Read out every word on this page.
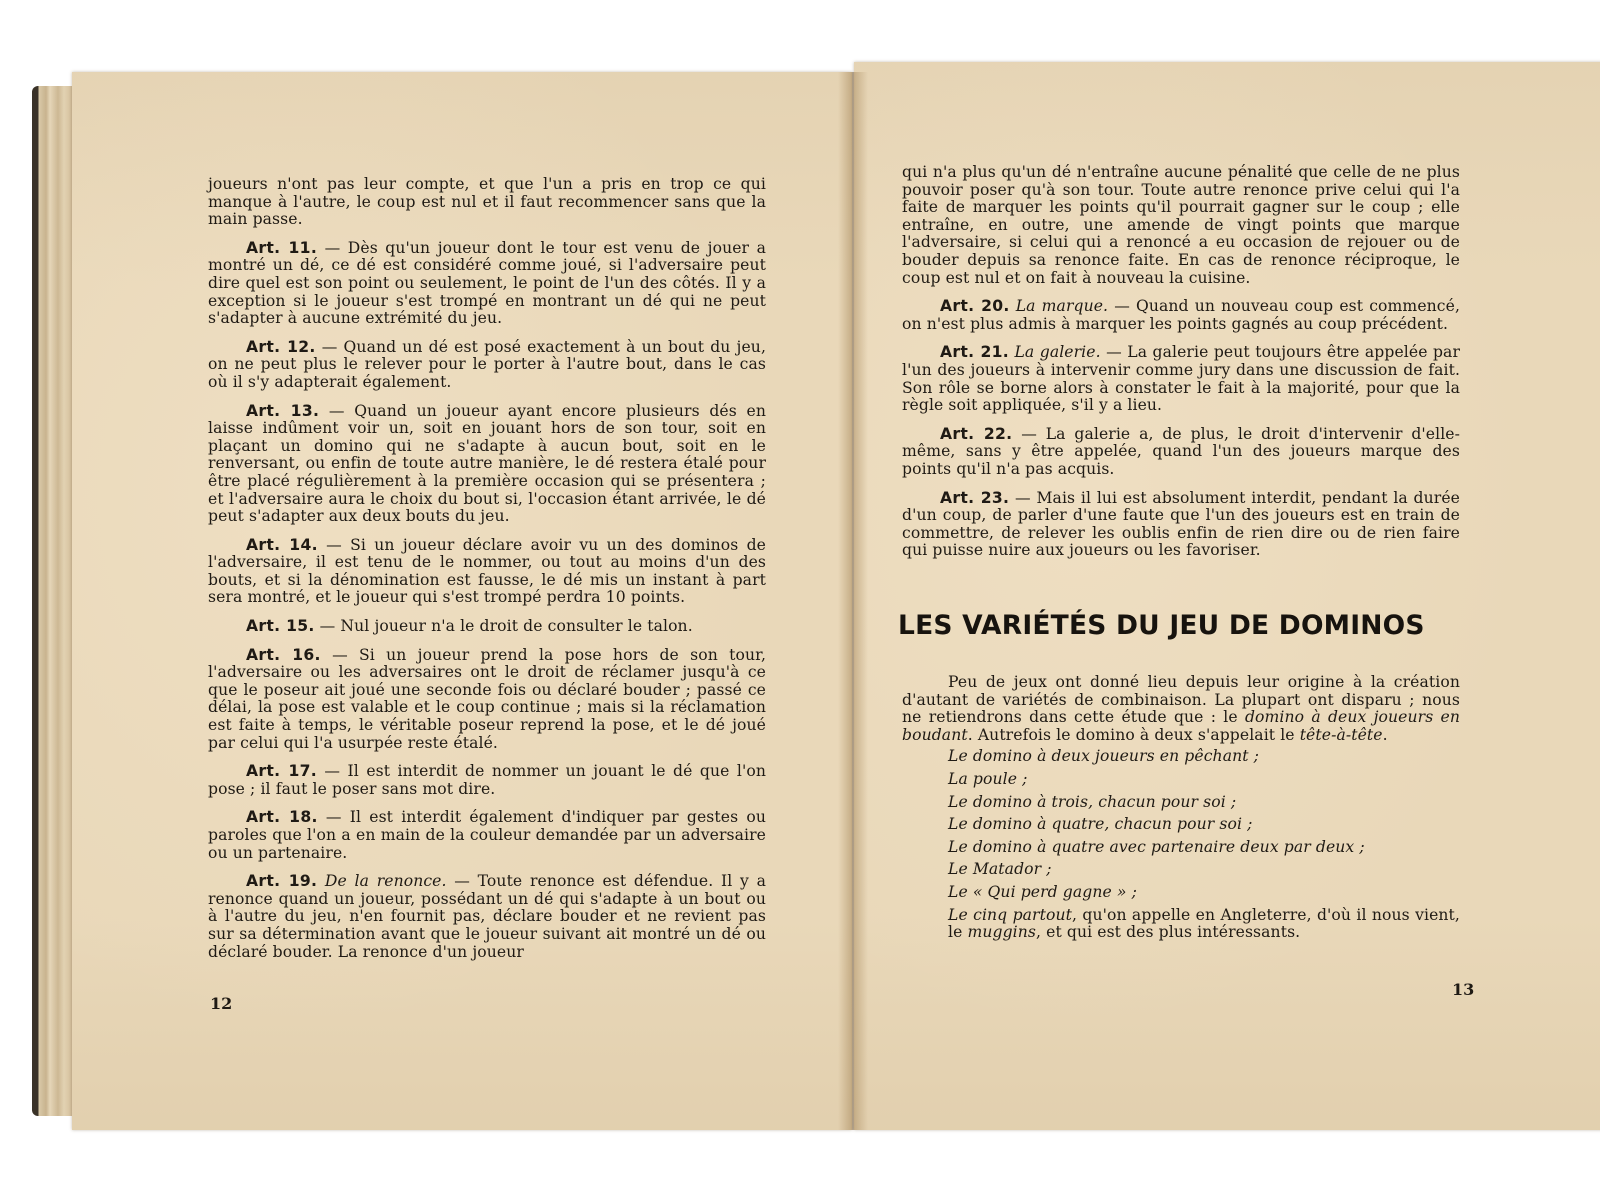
joueurs n'ont pas leur compte, et que l'un a pris en trop ce qui manque à l'autre, le coup est nul et il faut recommencer sans que la main passe.

Art. 11. — Dès qu'un joueur dont le tour est venu de jouer a montré un dé, ce dé est considéré comme joué, si l'adversaire peut dire quel est son point ou seulement, le point de l'un des côtés. Il y a exception si le joueur s'est trompé en montrant un dé qui ne peut s'adapter à aucune extrémité du jeu.

Art. 12. — Quand un dé est posé exactement à un bout du jeu, on ne peut plus le relever pour le porter à l'autre bout, dans le cas où il s'y adapterait également.

Art. 13. — Quand un joueur ayant encore plusieurs dés en laisse indûment voir un, soit en jouant hors de son tour, soit en plaçant un domino qui ne s'adapte à aucun bout, soit en le renversant, ou enfin de toute autre manière, le dé restera étalé pour être placé régulièrement à la première occasion qui se présentera ; et l'adversaire aura le choix du bout si, l'occasion étant arrivée, le dé peut s'adapter aux deux bouts du jeu.

Art. 14. — Si un joueur déclare avoir vu un des dominos de l'adversaire, il est tenu de le nommer, ou tout au moins d'un des bouts, et si la dénomination est fausse, le dé mis un instant à part sera montré, et le joueur qui s'est trompé perdra 10 points.

Art. 15. — Nul joueur n'a le droit de consulter le talon.

Art. 16. — Si un joueur prend la pose hors de son tour, l'adversaire ou les adversaires ont le droit de réclamer jusqu'à ce que le poseur ait joué une seconde fois ou déclaré bouder ; passé ce délai, la pose est valable et le coup continue ; mais si la réclamation est faite à temps, le véritable poseur reprend la pose, et le dé joué par celui qui l'a usurpée reste étalé.

Art. 17. — Il est interdit de nommer un jouant le dé que l'on pose ; il faut le poser sans mot dire.

Art. 18. — Il est interdit également d'indiquer par gestes ou paroles que l'on a en main de la couleur demandée par un adversaire ou un partenaire.

Art. 19. De la renonce. — Toute renonce est défendue. Il y a renonce quand un joueur, possédant un dé qui s'adapte à un bout ou à l'autre du jeu, n'en fournit pas, déclare bouder et ne revient pas sur sa détermination avant que le joueur suivant ait montré un dé ou déclaré bouder. La renonce d'un joueur

12

qui n'a plus qu'un dé n'entraîne aucune pénalité que celle de ne plus pouvoir poser qu'à son tour. Toute autre renonce prive celui qui l'a faite de marquer les points qu'il pourrait gagner sur le coup ; elle entraîne, en outre, une amende de vingt points que marque l'adversaire, si celui qui a renoncé a eu occasion de rejouer ou de bouder depuis sa renonce faite. En cas de renonce réciproque, le coup est nul et on fait à nouveau la cuisine.

Art. 20. La marque. — Quand un nouveau coup est commencé, on n'est plus admis à marquer les points gagnés au coup précédent.

Art. 21. La galerie. — La galerie peut toujours être appelée par l'un des joueurs à intervenir comme jury dans une discussion de fait. Son rôle se borne alors à constater le fait à la majorité, pour que la règle soit appliquée, s'il y a lieu.

Art. 22. — La galerie a, de plus, le droit d'intervenir d'elle-même, sans y être appelée, quand l'un des joueurs marque des points qu'il n'a pas acquis.

Art. 23. — Mais il lui est absolument interdit, pendant la durée d'un coup, de parler d'une faute que l'un des joueurs est en train de commettre, de relever les oublis enfin de rien dire ou de rien faire qui puisse nuire aux joueurs ou les favoriser.

LES VARIÉTÉS DU JEU DE DOMINOS

Peu de jeux ont donné lieu depuis leur origine à la création d'autant de variétés de combinaison. La plupart ont disparu ; nous ne retiendrons dans cette étude que : le domino à deux joueurs en boudant. Autrefois le domino à deux s'appelait le tête-à-tête.

Le domino à deux joueurs en pêchant ;
La poule ;
Le domino à trois, chacun pour soi ;
Le domino à quatre, chacun pour soi ;
Le domino à quatre avec partenaire deux par deux ;
Le Matador ;
Le « Qui perd gagne » ;
Le cinq partout, qu'on appelle en Angleterre, d'où il nous vient, le muggins, et qui est des plus intéressants.
13
